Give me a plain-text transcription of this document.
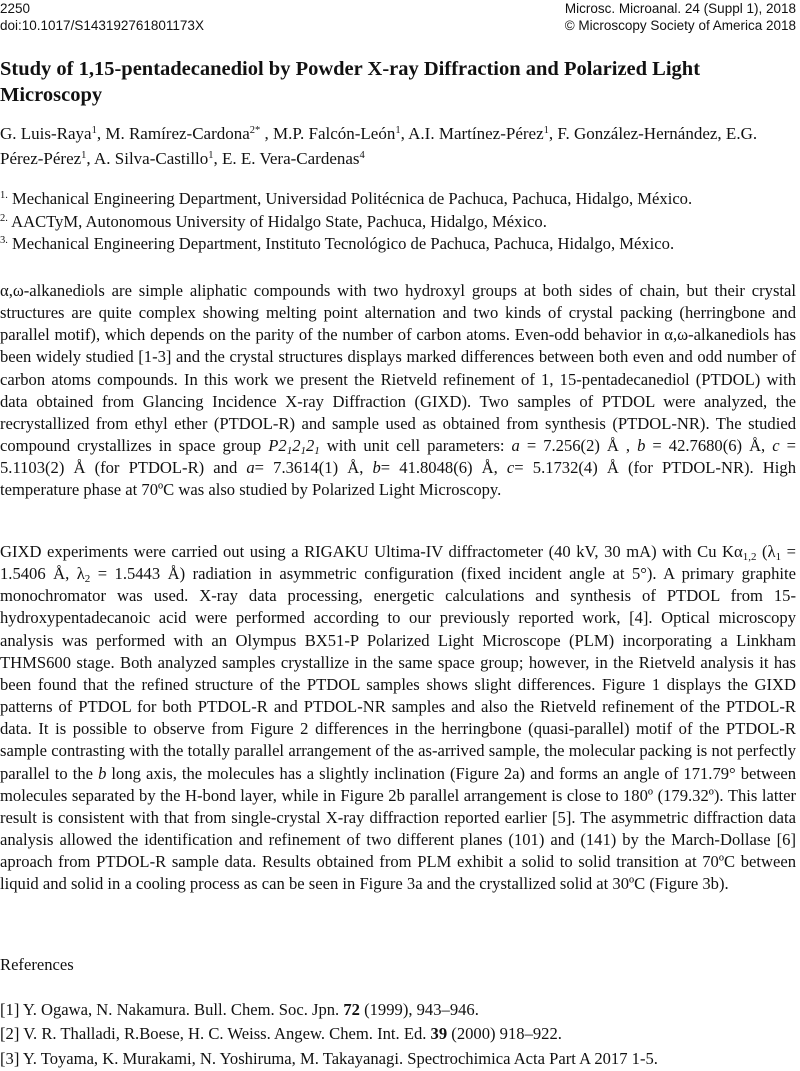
2250
doi:10.1017/S143192761801173X
Microsc. Microanal. 24 (Suppl 1), 2018
© Microscopy Society of America 2018
Study of 1,15-pentadecanediol by Powder X-ray Diffraction and Polarized Light Microscopy

G. Luis-Raya$^1$, M. Ramírez-Cardona$^{2*}$ , M.P. Falcón-León$^1$, A.I. Martínez-Pérez$^1$, F. González-Hernández, E.G. Pérez-Pérez$^1$, A. Silva-Castillo$^1$, E. E. Vera-Cardenas$^4$

$^{1.}$ Mechanical Engineering Department, Universidad Politécnica de Pachuca, Pachuca, Hidalgo, México.
$^{2.}$ AACTyM, Autonomous University of Hidalgo State, Pachuca, Hidalgo, México.
$^{3.}$ Mechanical Engineering Department, Instituto Tecnológico de Pachuca, Pachuca, Hidalgo, México.

α,ω-alkanediols are simple aliphatic compounds with two hydroxyl groups at both sides of chain, but their crystal structures are quite complex showing melting point alternation and two kinds of crystal packing (herringbone and parallel motif), which depends on the parity of the number of carbon atoms. Even-odd behavior in α,ω-alkanediols has been widely studied [1-3] and the crystal structures displays marked differences between both even and odd number of carbon atoms compounds. In this work we present the Rietveld refinement of 1, 15-pentadecanediol (PTDOL) with data obtained from Glancing Incidence X-ray Diffraction (GIXD). Two samples of PTDOL were analyzed, the recrystallized from ethyl ether (PTDOL-R) and sample used as obtained from synthesis (PTDOL-NR). The studied compound crystallizes in space group $P2_12_12_1$ with unit cell parameters: a = 7.256(2) Å , b = 42.7680(6) Å, c = 5.1103(2) Å (for PTDOL-R) and a= 7.3614(1) Å, b= 41.8048(6) Å, c= 5.1732(4) Å (for PTDOL-NR). High temperature phase at 70ºC was also studied by Polarized Light Microscopy.

GIXD experiments were carried out using a RIGAKU Ultima-IV diffractometer (40 kV, 30 mA) with Cu $K\alpha_{1,2}$ ($\lambda_1 = 1.5406$ Å, $\lambda_2 = 1.5443$ Å) radiation in asymmetric configuration (fixed incident angle at 5°). A primary graphite monochromator was used. X-ray data processing, energetic calculations and synthesis of PTDOL from 15-hydroxypentadecanoic acid were performed according to our previously reported work, [4]. Optical microscopy analysis was performed with an Olympus BX51-P Polarized Light Microscope (PLM) incorporating a Linkham THMS600 stage. Both analyzed samples crystallize in the same space group; however, in the Rietveld analysis it has been found that the refined structure of the PTDOL samples shows slight differences. Figure 1 displays the GIXD patterns of PTDOL for both PTDOL-R and PTDOL-NR samples and also the Rietveld refinement of the PTDOL-R data. It is possible to observe from Figure 2 differences in the herringbone (quasi-parallel) motif of the PTDOL-R sample contrasting with the totally parallel arrangement of the as-arrived sample, the molecular packing is not perfectly parallel to the b long axis, the molecules has a slightly inclination (Figure 2a) and forms an angle of 171.79° between molecules separated by the H-bond layer, while in Figure 2b parallel arrangement is close to 180º (179.32º). This latter result is consistent with that from single-crystal X-ray diffraction reported earlier [5]. The asymmetric diffraction data analysis allowed the identification and refinement of two different planes (101) and (141) by the March-Dollase [6] aproach from PTDOL-R sample data. Results obtained from PLM exhibit a solid to solid transition at 70ºC between liquid and solid in a cooling process as can be seen in Figure 3a and the crystallized solid at 30ºC (Figure 3b).

References

[1] Y. Ogawa, N. Nakamura. Bull. Chem. Soc. Jpn. 72 (1999), 943–946.
[2] V. R. Thalladi, R.Boese, H. C. Weiss. Angew. Chem. Int. Ed. 39 (2000) 918–922.
[3] Y. Toyama, K. Murakami, N. Yoshiruma, M. Takayanagi. Spectrochimica Acta Part A 2017 1-5.
